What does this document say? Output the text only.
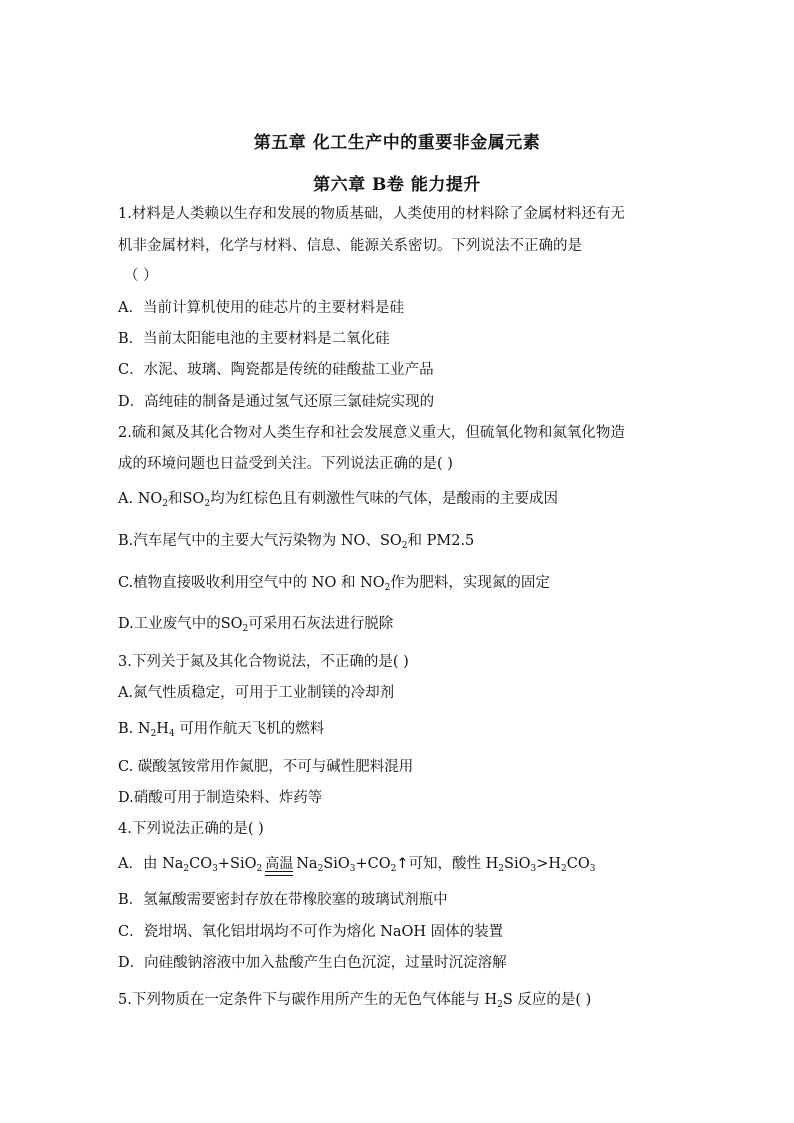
第五章 化工生产中的重要非金属元素
第六章 B卷 能力提升
1.材料是人类赖以生存和发展的物质基础，人类使用的材料除了金属材料还有无
机非金属材料，化学与材料、信息、能源关系密切。下列说法不正确的是
（ ）
A．当前计算机使用的硅芯片的主要材料是硅
B．当前太阳能电池的主要材料是二氧化硅
C．水泥、玻璃、陶瓷都是传统的硅酸盐工业产品
D．高纯硅的制备是通过氢气还原三氯硅烷实现的
2.硫和氮及其化合物对人类生存和社会发展意义重大，但硫氧化物和氮氧化物造
成的环境问题也日益受到关注。下列说法正确的是( )
A. $NO_2$和$SO_2$均为红棕色且有刺激性气味的气体，是酸雨的主要成因
B.汽车尾气中的主要大气污染物为 NO、$SO_2$和 PM2.5
C.植物直接吸收利用空气中的 NO 和 $NO_2$作为肥料，实现氮的固定
D.工业废气中的$SO_2$可采用石灰法进行脱除
3.下列关于氮及其化合物说法，不正确的是( )
A.氮气性质稳定，可用于工业制镁的冷却剂
B. $N_2H_4$ 可用作航天飞机的燃料
C. 碳酸氢铵常用作氮肥，不可与碱性肥料混用
D.硝酸可用于制造染料、炸药等
4.下列说法正确的是( )
A．由 $Na_2CO_3+SiO_2$ 高温 $Na_2SiO_3+CO_2↑$可知，酸性 $H_2SiO_3>H_2CO_3$
B．氢氟酸需要密封存放在带橡胶塞的玻璃试剂瓶中
C．瓷坩埚、氧化铝坩埚均不可作为熔化 NaOH 固体的装置
D．向硅酸钠溶液中加入盐酸产生白色沉淀，过量时沉淀溶解
5.下列物质在一定条件下与碳作用所产生的无色气体能与 $H_2S$ 反应的是( )
